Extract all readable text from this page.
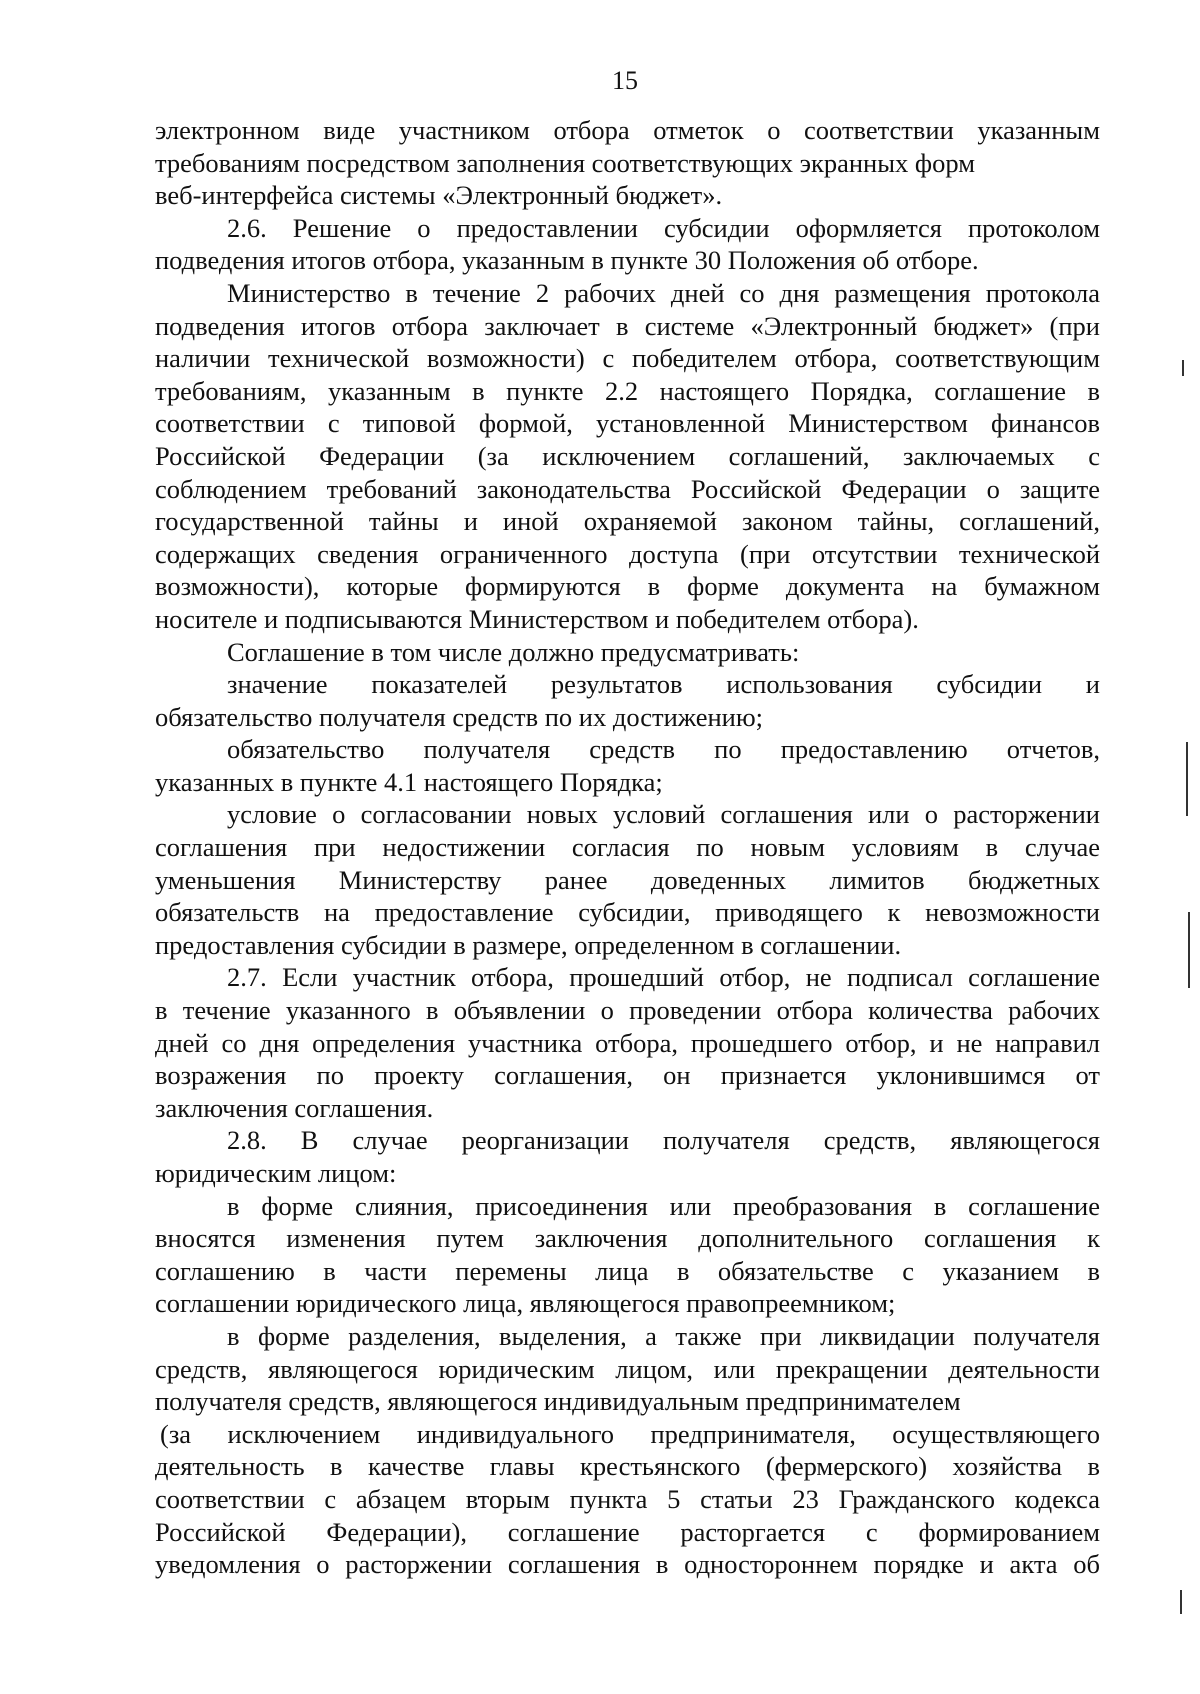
15
электронном виде участником отбора отметок о соответствии указанным
требованиям посредством заполнения соответствующих экранных форм
веб-интерфейса системы «Электронный бюджет».
2.6. Решение о предоставлении субсидии оформляется протоколом
подведения итогов отбора, указанным в пункте 30 Положения об отборе.
Министерство в течение 2 рабочих дней со дня размещения протокола
подведения итогов отбора заключает в системе «Электронный бюджет» (при
наличии технической возможности) с победителем отбора, соответствующим
требованиям, указанным в пункте 2.2 настоящего Порядка, соглашение в
соответствии с типовой формой, установленной Министерством финансов
Российской Федерации (за исключением соглашений, заключаемых с
соблюдением требований законодательства Российской Федерации о защите
государственной тайны и иной охраняемой законом тайны, соглашений,
содержащих сведения ограниченного доступа (при отсутствии технической
возможности), которые формируются в форме документа на бумажном
носителе и подписываются Министерством и победителем отбора).
Соглашение в том числе должно предусматривать:
значение показателей результатов использования субсидии и
обязательство получателя средств по их достижению;
обязательство получателя средств по предоставлению отчетов,
указанных в пункте 4.1 настоящего Порядка;
условие о согласовании новых условий соглашения или о расторжении
соглашения при недостижении согласия по новым условиям в случае
уменьшения Министерству ранее доведенных лимитов бюджетных
обязательств на предоставление субсидии, приводящего к невозможности
предоставления субсидии в размере, определенном в соглашении.
2.7. Если участник отбора, прошедший отбор, не подписал соглашение
в течение указанного в объявлении о проведении отбора количества рабочих
дней со дня определения участника отбора, прошедшего отбор, и не направил
возражения по проекту соглашения, он признается уклонившимся от
заключения соглашения.
2.8. В случае реорганизации получателя средств, являющегося
юридическим лицом:
в форме слияния, присоединения или преобразования в соглашение
вносятся изменения путем заключения дополнительного соглашения к
соглашению в части перемены лица в обязательстве с указанием в
соглашении юридического лица, являющегося правопреемником;
в форме разделения, выделения, а также при ликвидации получателя
средств, являющегося юридическим лицом, или прекращении деятельности
получателя средств, являющегося индивидуальным предпринимателем
(за исключением индивидуального предпринимателя, осуществляющего
деятельность в качестве главы крестьянского (фермерского) хозяйства в
соответствии с абзацем вторым пункта 5 статьи 23 Гражданского кодекса
Российской Федерации), соглашение расторгается с формированием
уведомления о расторжении соглашения в одностороннем порядке и акта об
